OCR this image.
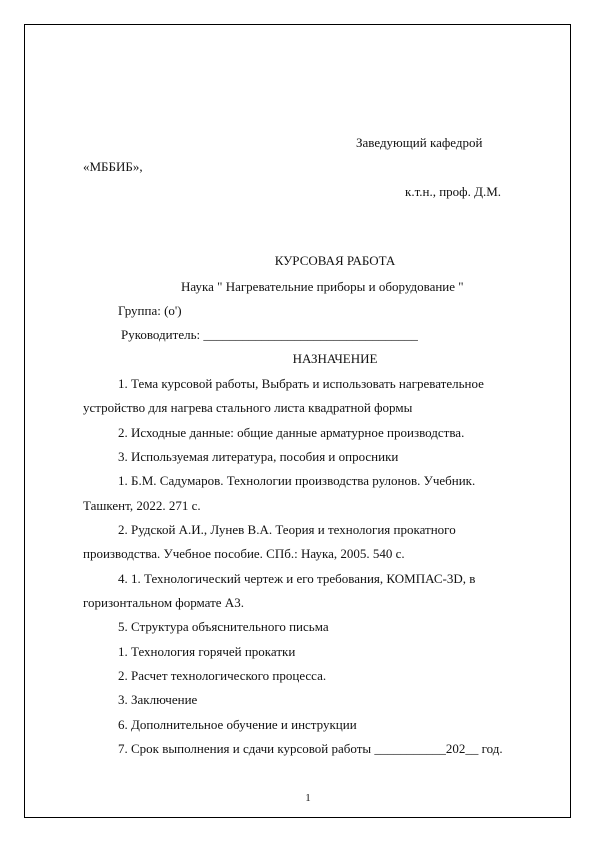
Заведующий кафедрой
«МББИБ»,
к.т.н., проф. Д.М.
КУРСОВАЯ РАБОТА
Наука " Нагревательние приборы и оборудование "
Группа: (о')
Руководитель: _________________________________
НАЗНАЧЕНИЕ
1. Тема курсовой работы, Выбрать и использовать нагревательное
устройство для нагрева стального листа квадратной формы
2. Исходные данные: общие данные арматурное производства.
3. Используемая литература, пособия и опросники
1. Б.М. Садумаров. Технологии производства рулонов. Учебник.
Ташкент, 2022. 271 с.
2. Рудской А.И., Лунев В.А. Теория и технология прокатного
производства. Учебное пособие. СПб.: Наука, 2005. 540 с.
4. 1. Технологический чертеж и его требования, КОМПАС-3D, в
горизонтальном формате А3.
5. Структура объяснительного письма
1. Технология горячей прокатки
2. Расчет технологического процесса.
3. Заключение
6. Дополнительное обучение и инструкции
7. Срок выполнения и сдачи курсовой работы ___________202__ год.
1
